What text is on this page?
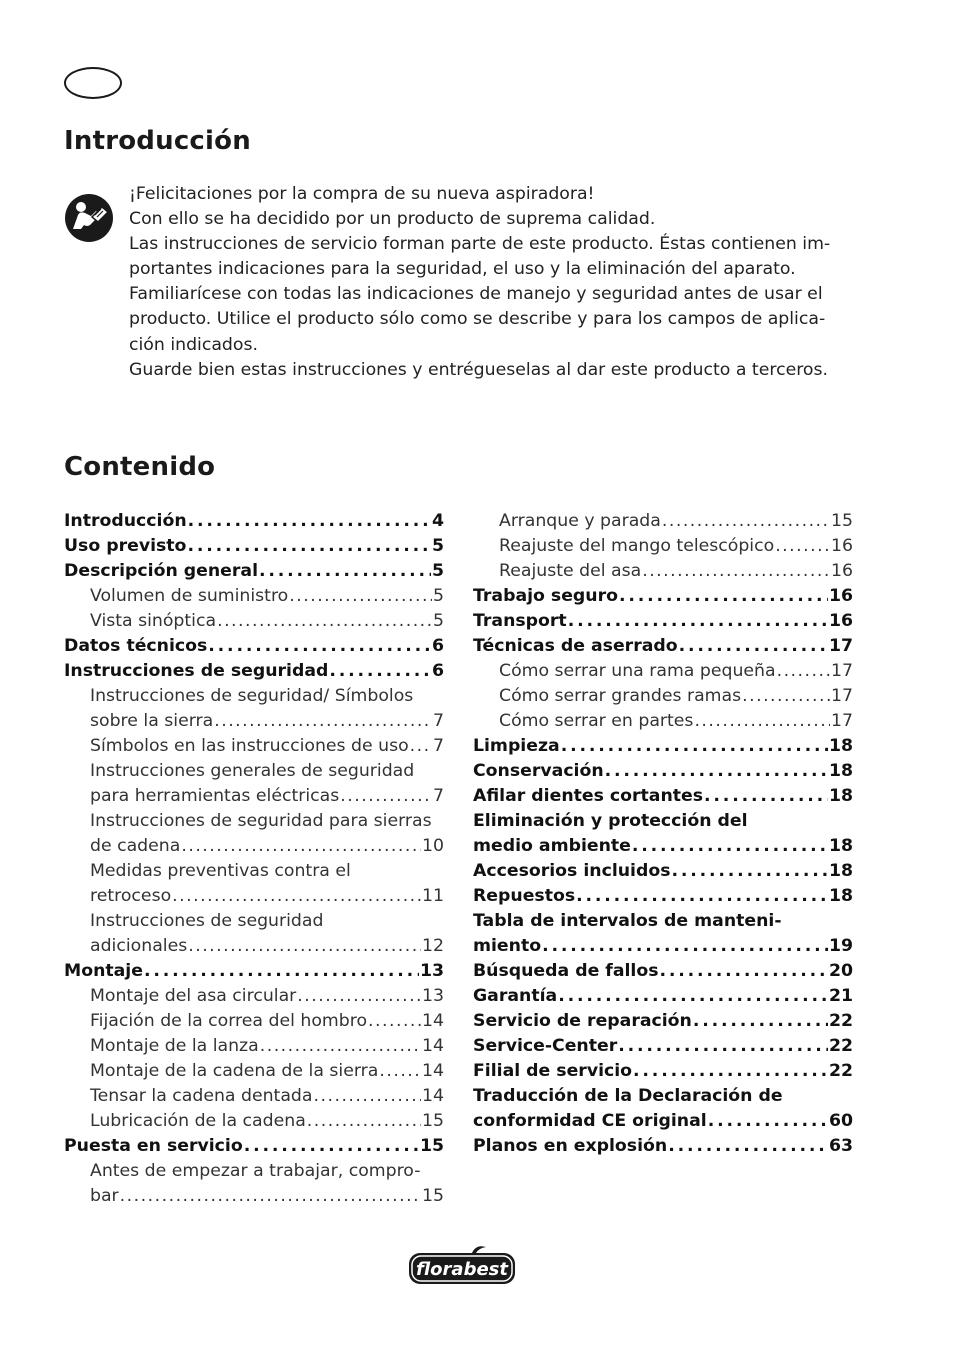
Introducción

¡Felicitaciones por la compra de su nueva aspiradora!

Con ello se ha decidido por un producto de suprema calidad.

Las instrucciones de servicio forman parte de este producto. Éstas contienen im-

portantes indicaciones para la seguridad, el uso y la eliminación del aparato.

Familiarícese con todas las indicaciones de manejo y seguridad antes de usar el

producto. Utilice el producto sólo como se describe y para los campos de aplica-

ción indicados.

Guarde bien estas instrucciones y entrégueselas al dar este producto a terceros.

Contenido
Introducción . . .	4
Uso previsto . . .	5
Descripción general . . .	5
Volumen de suministro . . .	5
Vista sinóptica . . .	5
Datos técnicos . . .	6
Instrucciones de seguridad . . .	6
Instrucciones de seguridad/ Símbolos
sobre la sierra . . .	7
Símbolos en las instrucciones de uso . . . 7
Instrucciones generales de seguridad
para herramientas eléctricas . . .	7
Instrucciones de seguridad para sierras
de cadena . . .	10
Medidas preventivas contra el
retroceso . . .	11
Instrucciones de seguridad
adicionales . . .	12
Montaje . . .	13
Montaje del asa circular . . .	13
Fijación de la correa del hombro . . .	14
Montaje de la lanza . . .	14
Montaje de la cadena de la sierra . . .	14
Tensar la cadena dentada . . .	14
Lubricación de la cadena . . .	15
Puesta en servicio . . .	15
Antes de empezar a trabajar, compro-
bar . . .	15
Arranque y parada . . .	15
Reajuste del mango telescópico . . .	16
Reajuste del asa . . .	16
Trabajo seguro . . .	16
Transport . . .	16
Técnicas de aserrado . . .	17
Cómo serrar una rama pequeña . . .	17
Cómo serrar grandes ramas . . .	17
Cómo serrar en partes . . .	17
Limpieza . . .	18
Conservación . . .	18
Afilar dientes cortantes . . .	18
Eliminación y protección del
medio ambiente . . .	18
Accesorios incluidos . . .	18
Repuestos . . .	18
Tabla de intervalos de manteni-
miento . . .	19
Búsqueda de fallos . . .	20
Garantía . . .	21
Servicio de reparación . . .	22
Service-Center . . .	22
Filial de servicio . . .	22
Traducción de la Declaración de
conformidad CE original . . .	60
Planos en explosión . . .	63
florabest
